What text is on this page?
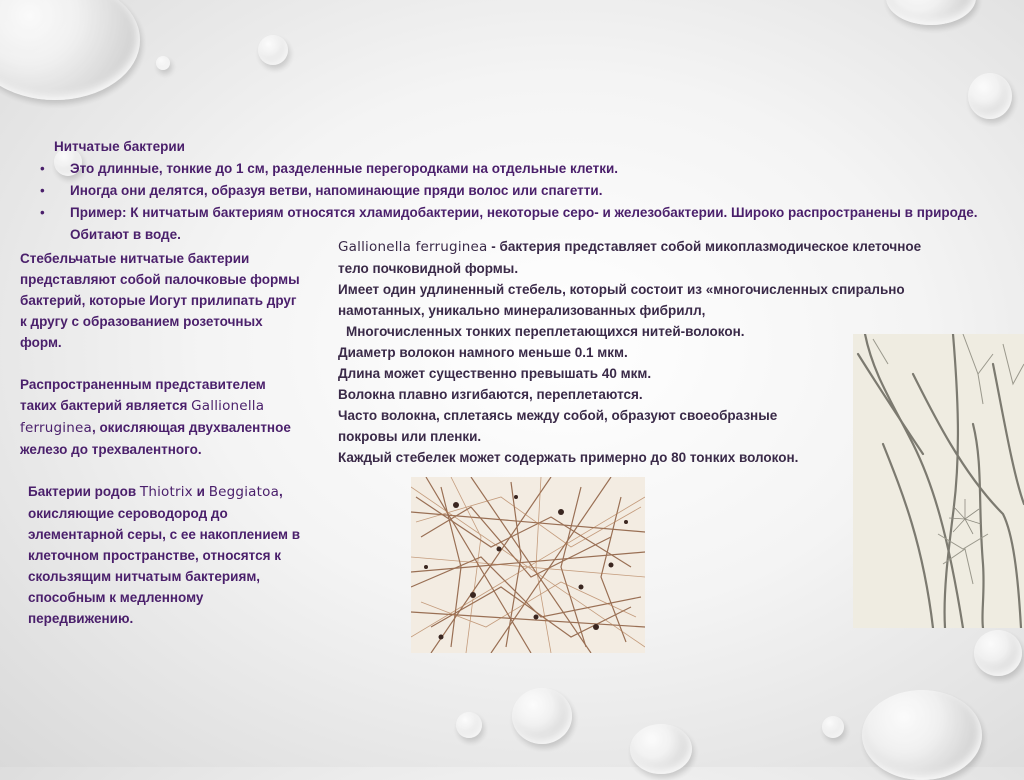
Нитчатые бактерии
• Это длинные, тонкие до 1 см, разделенные перегородками на отдельные клетки.
• Иногда они делятся, образуя ветви, напоминающие пряди волос или спагетти.
• Пример: К нитчатым бактериям относятся хламидобактерии, некоторые серо- и железобактерии. Широко распространены в природе. Обитают в воде.

Стебельчатые нитчатые бактерии представляют собой палочковые формы бактерий, которые Иогут прилипать друг к другу с образованием розеточных форм.

Распространенным представителем таких бактерий является Gallionella ferruginea, окисляющая двухвалентное железо до трехвалентного.

Бактерии родов Thiotrix и Beggiatoa, окисляющие сероводород до элементарной серы, с ее накоплением в клеточном пространстве, относятся к скользящим нитчатым бактериям, способным к медленному передвижению.

Gallionella ferruginea - бактерия представляет собой микоплазмодическое клеточное

тело почковидной формы.

Имеет один удлиненный стебель, который состоит из «многочисленных спирально

намотанных, уникально минерализованных фибрилл,

Многочисленных тонких переплетающихся нитей-волокон.

Диаметр волокон намного меньше 0.1 мкм.

Длина может существенно превышать 40 мкм.

Волокна плавно изгибаются, переплетаются.

Часто волокна, сплетаясь между собой, образуют своеобразные

покровы или пленки.

Каждый стебелек может содержать примерно до 80 тонких волокон.
